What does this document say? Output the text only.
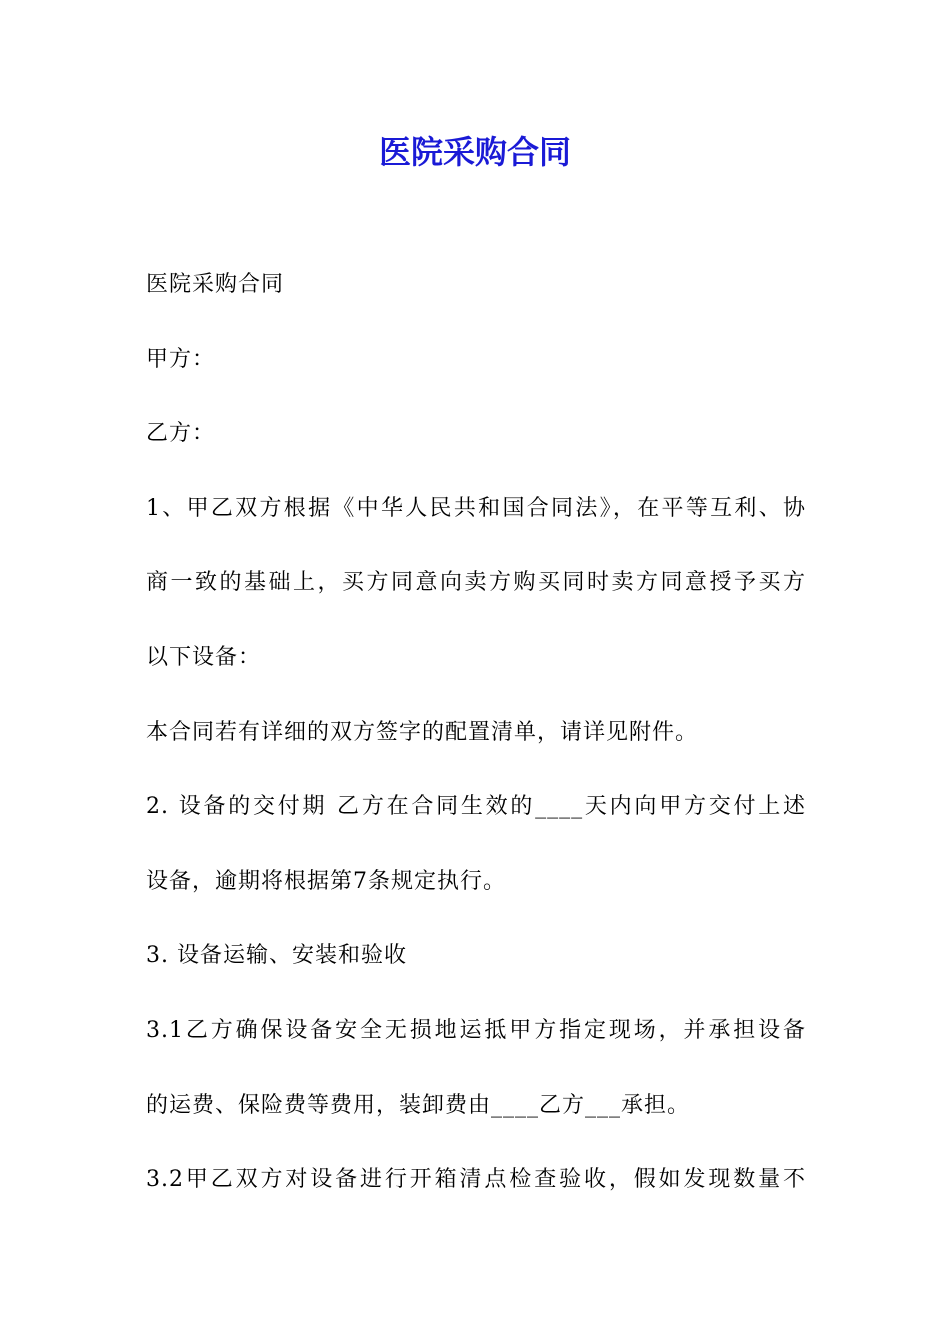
医院采购合同

医院采购合同

甲方：

乙方：

1、甲乙双方根据《中华人民共和国合同法》，在平等互利、协

商一致的基础上，买方同意向卖方购买同时卖方同意授予买方

以下设备：

本合同若有详细的双方签字的配置清单，请详见附件。

2. 设备的交付期 乙方在合同生效的____天内向甲方交付上述

设备，逾期将根据第7条规定执行。

3. 设备运输、安装和验收

3.1乙方确保设备安全无损地运抵甲方指定现场，并承担设备

的运费、保险费等费用，装卸费由____乙方___承担。

3.2甲乙双方对设备进行开箱清点检查验收，假如发现数量不
